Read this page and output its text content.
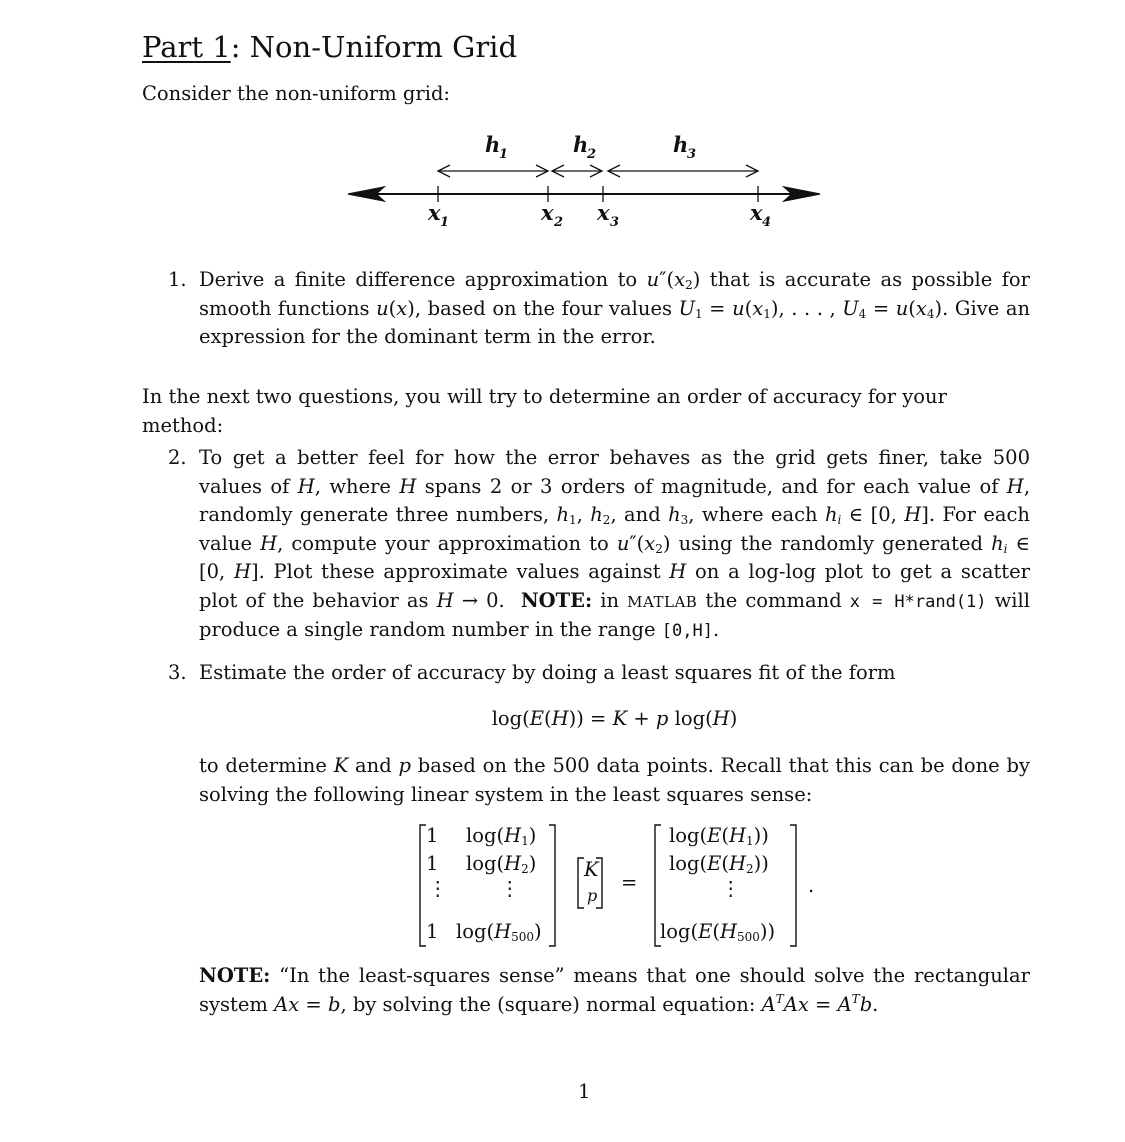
Part 1: Non-Uniform Grid
Consider the non-uniform grid:
h
1	h
2	h
3
x 1	x 2 x 3	x 4
1. Derive a finite difference approximation to $u''(x_2)$ that is accurate as possible for smooth functions u(x), based on the four values $U_1 = u(x_1)$, . . . , $U_4 = u(x_4)$. Give an expression for the dominant term in the error.
In the next two questions, you will try to determine an order of accuracy for your method:
2. To get a better feel for how the error behaves as the grid gets finer, take 500 values of H, where H spans 2 or 3 orders of magnitude, and for each value of H, randomly generate three numbers, $h_1$, $h_2$, and $h_3$, where each $h_i$ ∈ [0, H]. For each value H, compute your approximation to $u''(x_2)$ using the randomly generated $h_i$ ∈ [0, H]. Plot these approximate values against H on a log-log plot to get a scatter plot of the behavior as H → 0.  NOTE: in MATLAB the command x = H*rand(1) will produce a single random number in the range [0,H].
3. Estimate the order of accuracy by doing a least squares fit of the form
log(E(H)) = K + p log(H)
to determine K and p based on the 500 data points. Recall that this can be done by solving the following linear system in the least squares sense:
1 $\log(H_1)$
1 $\log(H_2)$
⋮	⋮
1 $\log(H_{500})$
K
p
=
$\log(E(H_1))$
$\log(E(H_2))$
⋮
$\log(E(H_{500}))$
.
NOTE: “In the least-squares sense” means that one should solve the rectangular system Ax = b, by solving the (square) normal equation: $A^TAx = A^Tb$.
1
